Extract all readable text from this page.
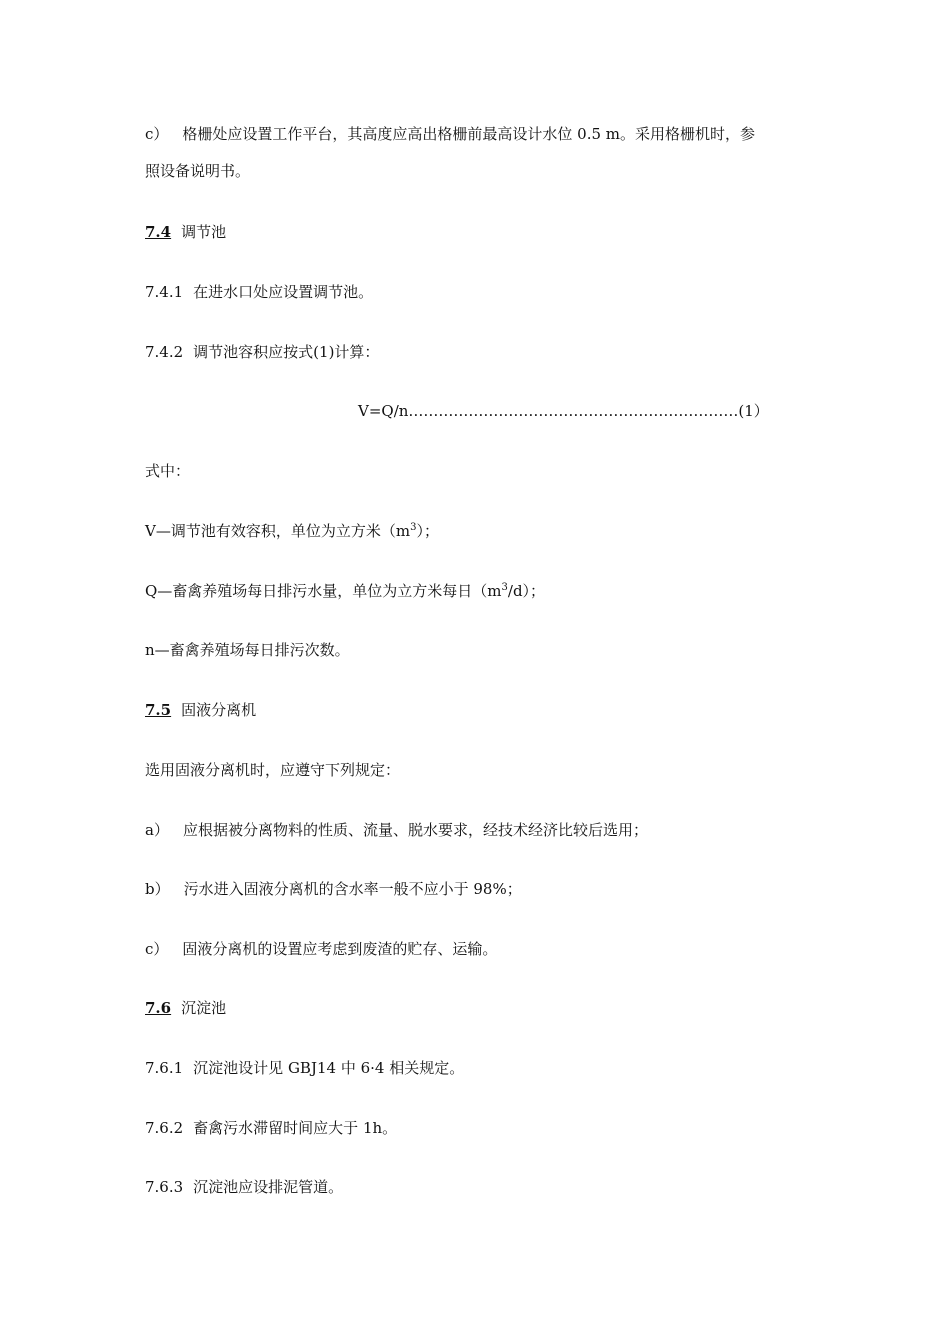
c） 格栅处应设置工作平台，其高度应高出格栅前最高设计水位 0.5 m。采用格栅机时，参
照设备说明书。
7.4 调节池
7.4.1 在进水口处应设置调节池。
7.4.2 调节池容积应按式(1)计算：
V=Q/n…………………………………………………………(1）
式中：
V—调节池有效容积，单位为立方米$(m^3)$；
Q—畜禽养殖场每日排污水量，单位为立方米每日$(m^3/d)$；
n—畜禽养殖场每日排污次数。
7.5 固液分离机
选用固液分离机时，应遵守下列规定：
a） 应根据被分离物料的性质、流量、脱水要求，经技术经济比较后选用；
b） 污水进入固液分离机的含水率一般不应小于 98%；
c） 固液分离机的设置应考虑到废渣的贮存、运输。
7.6 沉淀池
7.6.1 沉淀池设计见 GBJ14 中 6·4 相关规定。
7.6.2 畜禽污水滞留时间应大于 1h。
7.6.3 沉淀池应设排泥管道。
